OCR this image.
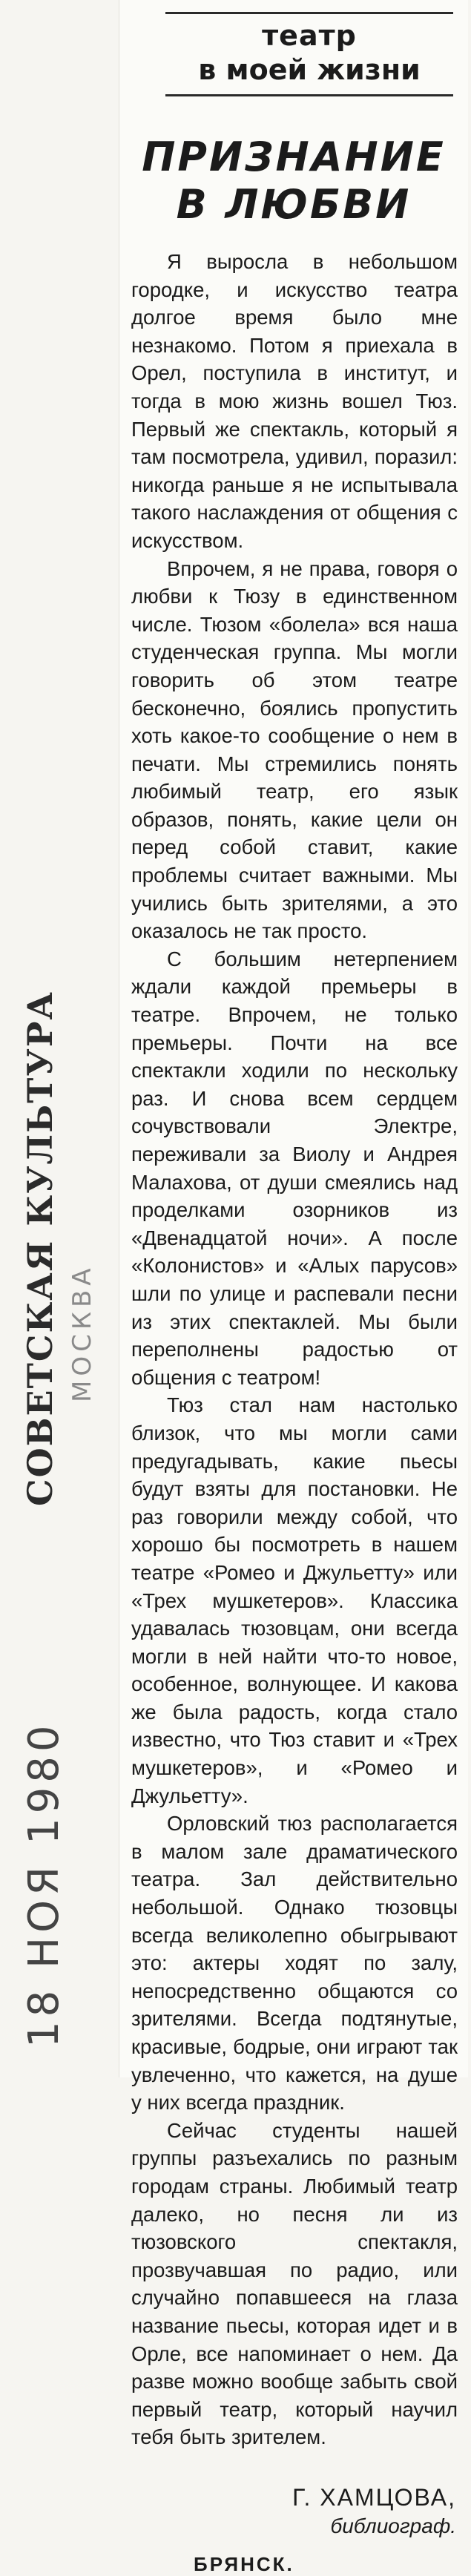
СОВЕТСКАЯ КУЛЬТУРА МОСКВА
18 НОЯ 1980
театр
в моей жизни
ПРИЗНАНИЕ
В ЛЮБВИ

Я выросла в небольшом городке, и искусство театра долгое время было мне незнакомо. Потом я приехала в Орел, поступила в институт, и тогда в мою жизнь вошел Тюз. Первый же спектакль, который я там посмотрела, удивил, поразил: никогда раньше я не испытывала такого наслаждения от общения с искусством.

Впрочем, я не права, говоря о любви к Тюзу в единственном числе. Тюзом «болела» вся наша студенческая группа. Мы могли говорить об этом театре бесконечно, боялись пропустить хоть какое-то сообщение о нем в печати. Мы стремились понять любимый театр, его язык образов, понять, какие цели он перед собой ставит, какие проблемы считает важными. Мы учились быть зрителями, а это оказалось не так просто.

С большим нетерпением ждали каждой премьеры в театре. Впрочем, не только премьеры. Почти на все спектакли ходили по нескольку раз. И снова всем сердцем сочувствовали Электре, переживали за Виолу и Андрея Малахова, от души смеялись над проделками озорников из «Двенадцатой ночи». А после «Колонистов» и «Алых парусов» шли по улице и распевали песни из этих спектаклей. Мы были переполнены радостью от общения с театром!

Тюз стал нам настолько близок, что мы могли сами предугадывать, какие пьесы будут взяты для постановки. Не раз говорили между собой, что хорошо бы посмотреть в нашем театре «Ромео и Джульетту» или «Трех мушкетеров». Классика удавалась тюзовцам, они всегда могли в ней найти что-то новое, особенное, волнующее. И какова же была радость, когда стало известно, что Тюз ставит и «Трех мушкетеров», и «Ромео и Джульетту».

Орловский тюз располагается в малом зале драматического театра. Зал действительно небольшой. Однако тюзовцы всегда великолепно обыгрывают это: актеры ходят по залу, непосредственно общаются со зрителями. Всегда подтянутые, красивые, бодрые, они играют так увлеченно, что кажется, на душе у них всегда праздник.

Сейчас студенты нашей группы разъехались по разным городам страны. Любимый театр далеко, но песня ли из тюзовского спектакля, прозвучавшая по радио, или случайно попавшееся на глаза название пьесы, которая идет и в Орле, все напоминает о нем. Да разве можно вообще забыть свой первый театр, который научил тебя быть зрителем.

Г. ХАМЦОВА,
библиограф.
БРЯНСК.
